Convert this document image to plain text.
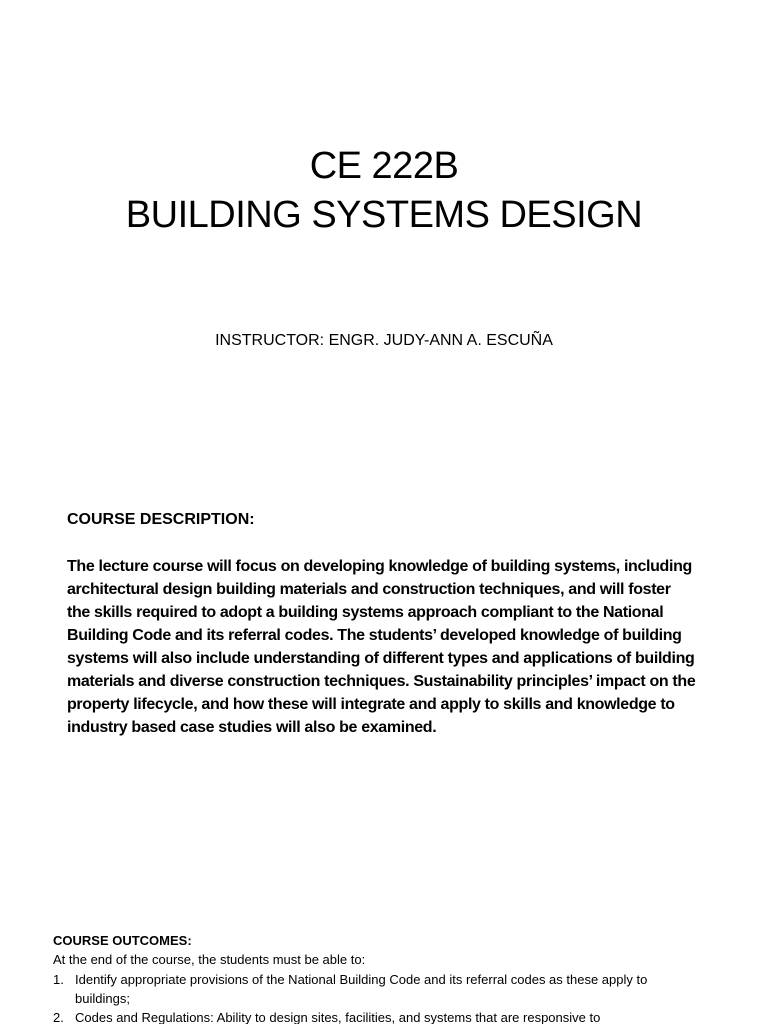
CE 222B
BUILDING SYSTEMS DESIGN
INSTRUCTOR: ENGR. JUDY-ANN A. ESCUÑA
COURSE DESCRIPTION:
The lecture course will focus on developing knowledge of building systems, including architectural design building materials and construction techniques, and will foster the skills required to adopt a building systems approach compliant to the National Building Code and its referral codes. The students’ developed knowledge of building systems will also include understanding of different types and applications of building materials and diverse construction techniques. Sustainability principles’ impact on the property lifecycle, and how these will integrate and apply to skills and knowledge to industry based case studies will also be examined.
COURSE OUTCOMES:
At the end of the course, the students must be able to:
1. Identify appropriate provisions of the National Building Code and its referral codes as these apply to buildings;
2. Codes and Regulations: Ability to design sites, facilities, and systems that are responsive to
